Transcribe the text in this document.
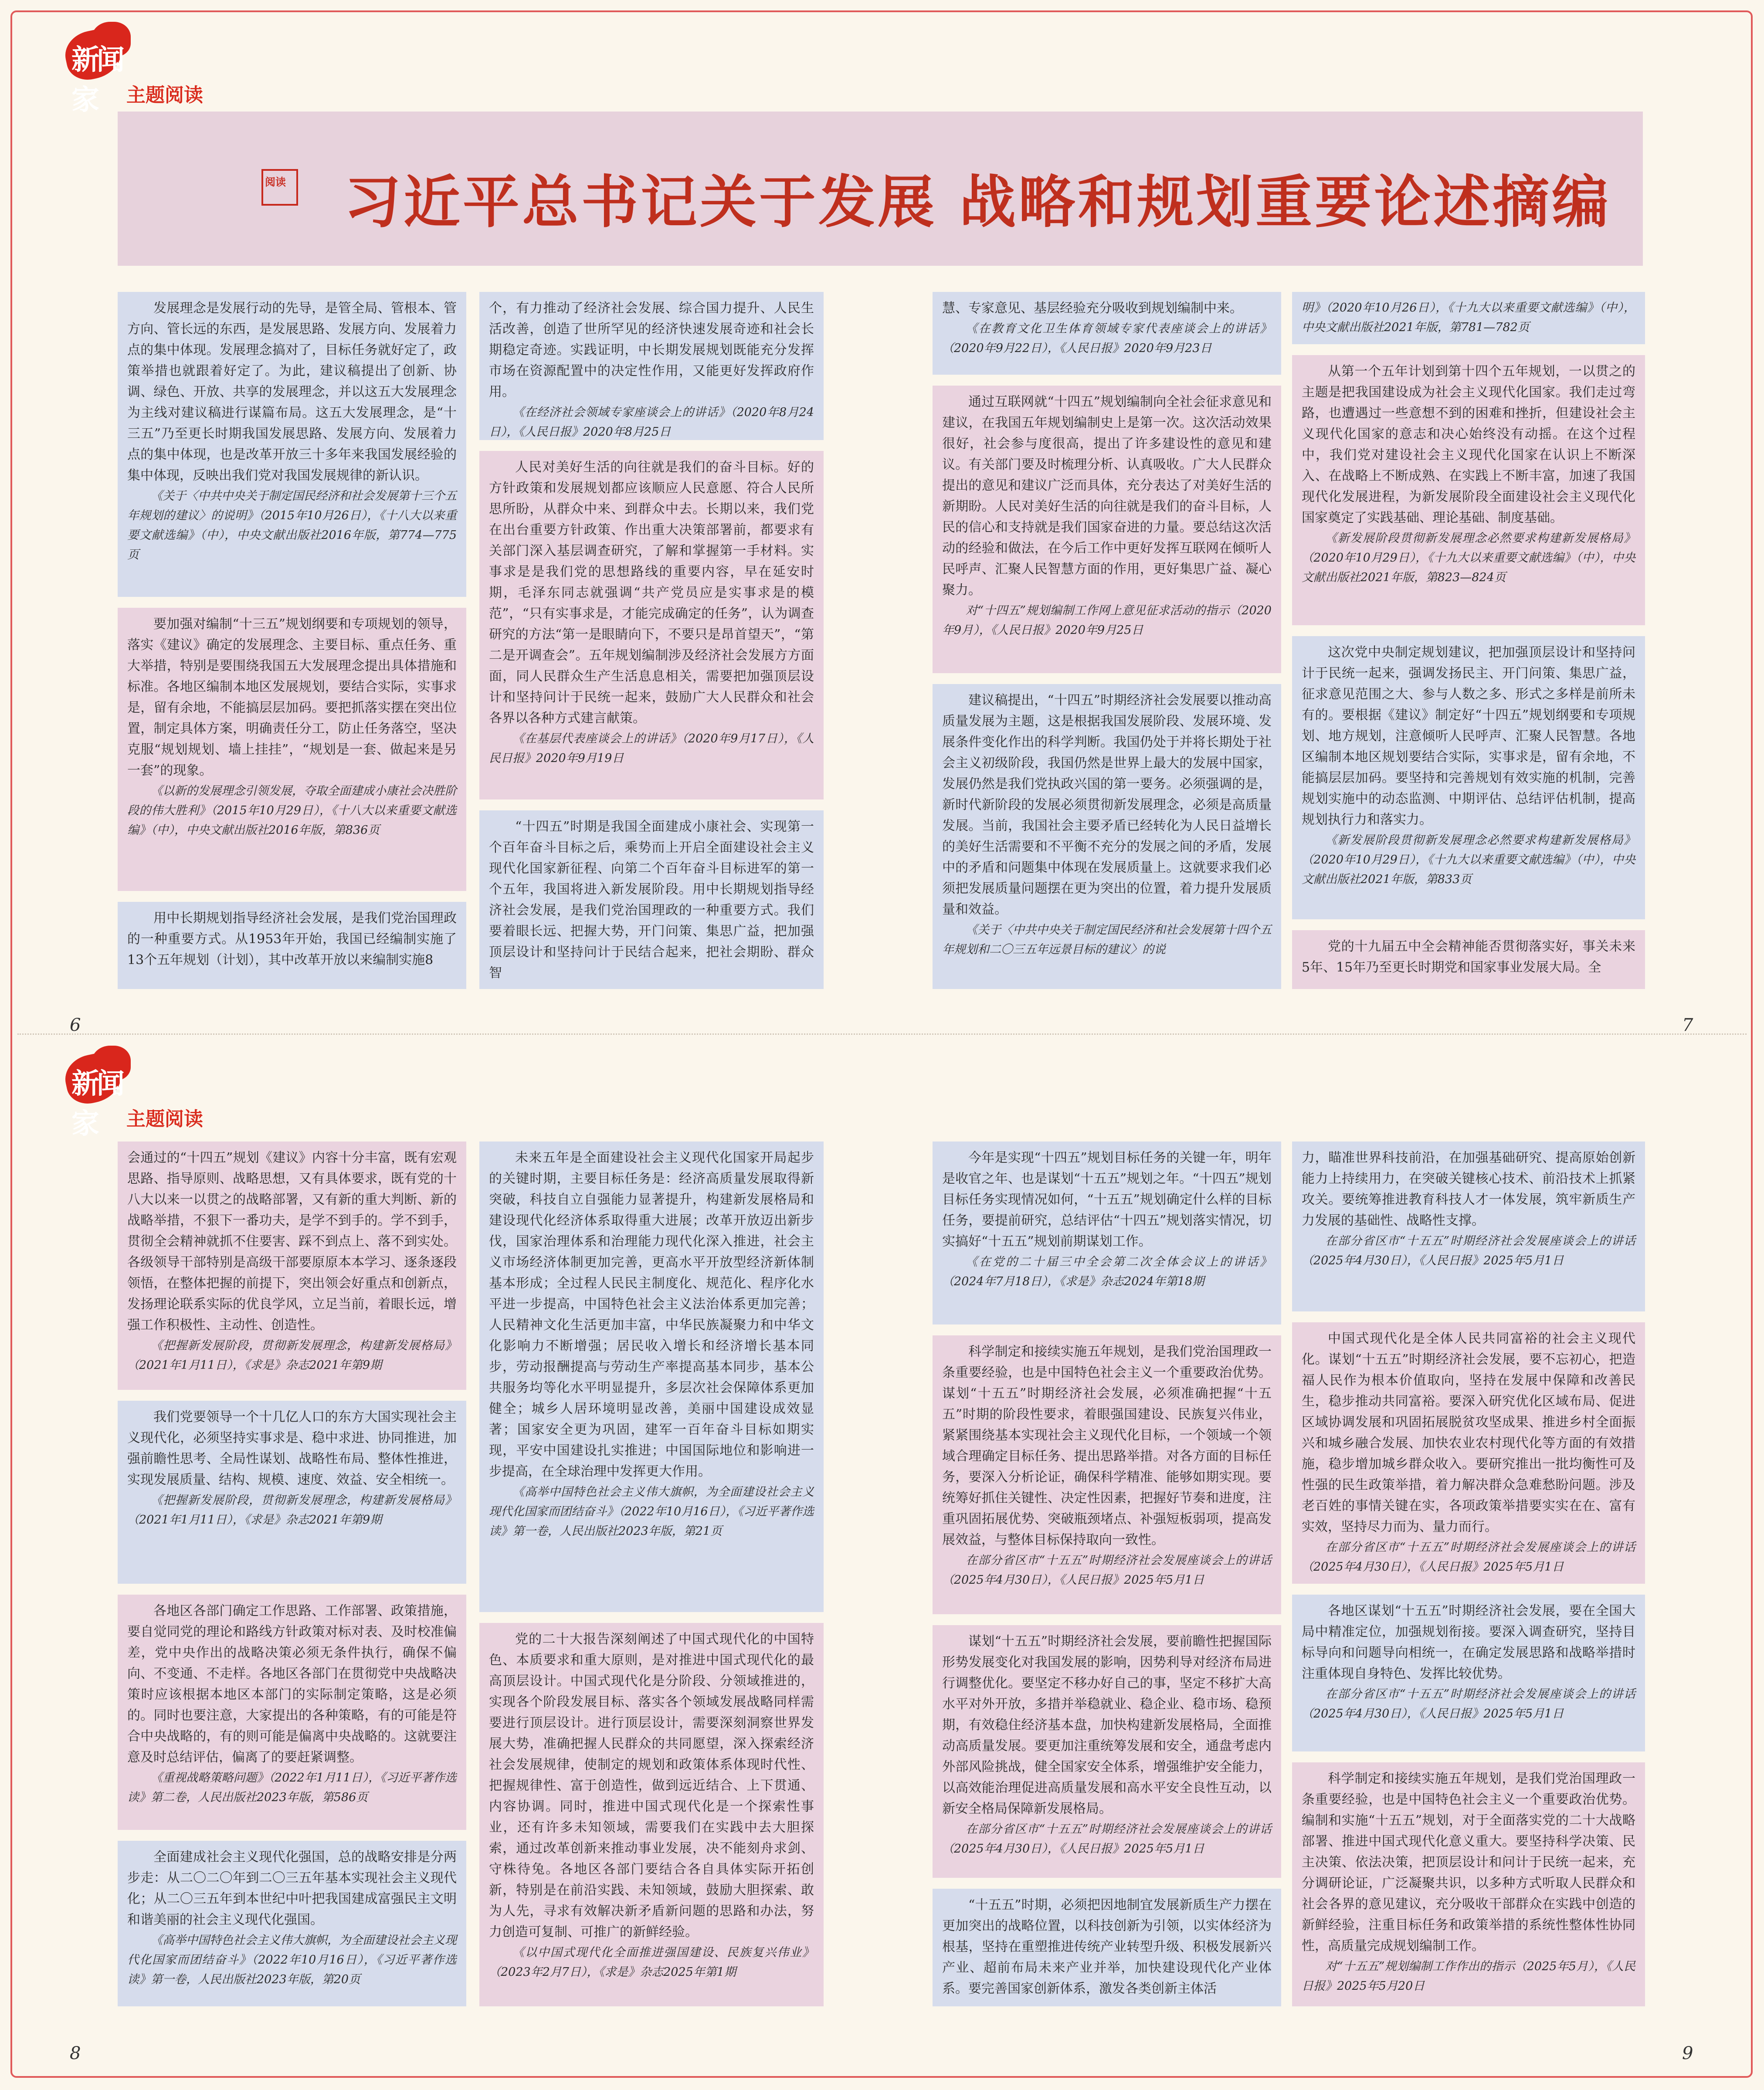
新闻家	主题阅读
阅读 习近平总书记关于发展 战略和规划重要论述摘编
新闻家	主题阅读

发展理念是发展行动的先导，是管全局、管根本、管方向、管长远的东西，是发展思路、发展方向、发展着力点的集中体现。发展理念搞对了，目标任务就好定了，政策举措也就跟着好定了。为此，建议稿提出了创新、协调、绿色、开放、共享的发展理念，并以这五大发展理念为主线对建议稿进行谋篇布局。这五大发展理念，是“十三五”乃至更长时期我国发展思路、发展方向、发展着力点的集中体现，也是改革开放三十多年来我国发展经验的集中体现，反映出我们党对我国发展规律的新认识。

《关于〈中共中央关于制定国民经济和社会发展第十三个五年规划的建议〉的说明》（2015年10月26日），《十八大以来重要文献选编》（中），中央文献出版社2016年版，第774—775页

要加强对编制“十三五”规划纲要和专项规划的领导，落实《建议》确定的发展理念、主要目标、重点任务、重大举措，特别是要围绕我国五大发展理念提出具体措施和标准。各地区编制本地区发展规划，要结合实际，实事求是，留有余地，不能搞层层加码。要把抓落实摆在突出位置，制定具体方案，明确责任分工，防止任务落空，坚决克服“规划规划、墙上挂挂”，“规划是一套、做起来是另一套”的现象。

《以新的发展理念引领发展，夺取全面建成小康社会决胜阶段的伟大胜利》（2015年10月29日），《十八大以来重要文献选编》（中），中央文献出版社2016年版，第836页

用中长期规划指导经济社会发展，是我们党治国理政的一种重要方式。从1953年开始，我国已经编制实施了13个五年规划（计划），其中改革开放以来编制实施8

个，有力推动了经济社会发展、综合国力提升、人民生活改善，创造了世所罕见的经济快速发展奇迹和社会长期稳定奇迹。实践证明，中长期发展规划既能充分发挥市场在资源配置中的决定性作用，又能更好发挥政府作用。

《在经济社会领域专家座谈会上的讲话》（2020年8月24日），《人民日报》2020年8月25日

人民对美好生活的向往就是我们的奋斗目标。好的方针政策和发展规划都应该顺应人民意愿、符合人民所思所盼，从群众中来、到群众中去。长期以来，我们党在出台重要方针政策、作出重大决策部署前，都要求有关部门深入基层调查研究，了解和掌握第一手材料。实事求是是我们党的思想路线的重要内容，早在延安时期，毛泽东同志就强调“共产党员应是实事求是的模范”，“只有实事求是，才能完成确定的任务”，认为调查研究的方法“第一是眼睛向下，不要只是昂首望天”，“第二是开调查会”。五年规划编制涉及经济社会发展方方面面，同人民群众生产生活息息相关，需要把加强顶层设计和坚持问计于民统一起来，鼓励广大人民群众和社会各界以各种方式建言献策。

《在基层代表座谈会上的讲话》（2020年9月17日），《人民日报》2020年9月19日

“十四五”时期是我国全面建成小康社会、实现第一个百年奋斗目标之后，乘势而上开启全面建设社会主义现代化国家新征程、向第二个百年奋斗目标进军的第一个五年，我国将进入新发展阶段。用中长期规划指导经济社会发展，是我们党治国理政的一种重要方式。我们要着眼长远、把握大势，开门问策、集思广益，把加强顶层设计和坚持问计于民结合起来，把社会期盼、群众智

6

慧、专家意见、基层经验充分吸收到规划编制中来。

《在教育文化卫生体育领域专家代表座谈会上的讲话》（2020年9月22日），《人民日报》2020年9月23日

通过互联网就“十四五”规划编制向全社会征求意见和建议，在我国五年规划编制史上是第一次。这次活动效果很好，社会参与度很高，提出了许多建设性的意见和建议。有关部门要及时梳理分析、认真吸收。广大人民群众提出的意见和建议广泛而具体，充分表达了对美好生活的新期盼。人民对美好生活的向往就是我们的奋斗目标，人民的信心和支持就是我们国家奋进的力量。要总结这次活动的经验和做法，在今后工作中更好发挥互联网在倾听人民呼声、汇聚人民智慧方面的作用，更好集思广益、凝心聚力。

对“十四五”规划编制工作网上意见征求活动的指示（2020年9月），《人民日报》2020年9月25日

建议稿提出，“十四五”时期经济社会发展要以推动高质量发展为主题，这是根据我国发展阶段、发展环境、发展条件变化作出的科学判断。我国仍处于并将长期处于社会主义初级阶段，我国仍然是世界上最大的发展中国家，发展仍然是我们党执政兴国的第一要务。必须强调的是，新时代新阶段的发展必须贯彻新发展理念，必须是高质量发展。当前，我国社会主要矛盾已经转化为人民日益增长的美好生活需要和不平衡不充分的发展之间的矛盾，发展中的矛盾和问题集中体现在发展质量上。这就要求我们必须把发展质量问题摆在更为突出的位置，着力提升发展质量和效益。

《关于〈中共中央关于制定国民经济和社会发展第十四个五年规划和二〇三五年远景目标的建议〉的说

明》（2020年10月26日），《十九大以来重要文献选编》（中），中央文献出版社2021年版，第781—782页

从第一个五年计划到第十四个五年规划，一以贯之的主题是把我国建设成为社会主义现代化国家。我们走过弯路，也遭遇过一些意想不到的困难和挫折，但建设社会主义现代化国家的意志和决心始终没有动摇。在这个过程中，我们党对建设社会主义现代化国家在认识上不断深入、在战略上不断成熟、在实践上不断丰富，加速了我国现代化发展进程，为新发展阶段全面建设社会主义现代化国家奠定了实践基础、理论基础、制度基础。

《新发展阶段贯彻新发展理念必然要求构建新发展格局》（2020年10月29日），《十九大以来重要文献选编》（中），中央文献出版社2021年版，第823—824页

这次党中央制定规划建议，把加强顶层设计和坚持问计于民统一起来，强调发扬民主、开门问策、集思广益，征求意见范围之大、参与人数之多、形式之多样是前所未有的。要根据《建议》制定好“十四五”规划纲要和专项规划、地方规划，注意倾听人民呼声、汇聚人民智慧。各地区编制本地区规划要结合实际，实事求是，留有余地，不能搞层层加码。要坚持和完善规划有效实施的机制，完善规划实施中的动态监测、中期评估、总结评估机制，提高规划执行力和落实力。

《新发展阶段贯彻新发展理念必然要求构建新发展格局》（2020年10月29日），《十九大以来重要文献选编》（中），中央文献出版社2021年版，第833页

党的十九届五中全会精神能否贯彻落实好，事关未来5年、15年乃至更长时期党和国家事业发展大局。全

7

会通过的“十四五”规划《建议》内容十分丰富，既有宏观思路、指导原则、战略思想，又有具体要求，既有党的十八大以来一以贯之的战略部署，又有新的重大判断、新的战略举措，不狠下一番功夫，是学不到手的。学不到手，贯彻全会精神就抓不住要害、踩不到点上、落不到实处。各级领导干部特别是高级干部要原原本本学习、逐条逐段领悟，在整体把握的前提下，突出领会好重点和创新点，发扬理论联系实际的优良学风，立足当前，着眼长远，增强工作积极性、主动性、创造性。

《把握新发展阶段，贯彻新发展理念，构建新发展格局》（2021年1月11日），《求是》杂志2021年第9期

我们党要领导一个十几亿人口的东方大国实现社会主义现代化，必须坚持实事求是、稳中求进、协同推进，加强前瞻性思考、全局性谋划、战略性布局、整体性推进，实现发展质量、结构、规模、速度、效益、安全相统一。

《把握新发展阶段，贯彻新发展理念，构建新发展格局》（2021年1月11日），《求是》杂志2021年第9期

各地区各部门确定工作思路、工作部署、政策措施，要自觉同党的理论和路线方针政策对标对表、及时校准偏差，党中央作出的战略决策必须无条件执行，确保不偏向、不变通、不走样。各地区各部门在贯彻党中央战略决策时应该根据本地区本部门的实际制定策略，这是必须的。同时也要注意，大家提出的各种策略，有的可能是符合中央战略的，有的则可能是偏离中央战略的。这就要注意及时总结评估，偏离了的要赶紧调整。

《重视战略策略问题》（2022年1月11日），《习近平著作选读》第二卷，人民出版社2023年版，第586页

全面建成社会主义现代化强国，总的战略安排是分两步走：从二〇二〇年到二〇三五年基本实现社会主义现代化；从二〇三五年到本世纪中叶把我国建成富强民主文明和谐美丽的社会主义现代化强国。

《高举中国特色社会主义伟大旗帜，为全面建设社会主义现代化国家而团结奋斗》（2022年10月16日），《习近平著作选读》第一卷，人民出版社2023年版，第20页

未来五年是全面建设社会主义现代化国家开局起步的关键时期，主要目标任务是：经济高质量发展取得新突破，科技自立自强能力显著提升，构建新发展格局和建设现代化经济体系取得重大进展；改革开放迈出新步伐，国家治理体系和治理能力现代化深入推进，社会主义市场经济体制更加完善，更高水平开放型经济新体制基本形成；全过程人民民主制度化、规范化、程序化水平进一步提高，中国特色社会主义法治体系更加完善；人民精神文化生活更加丰富，中华民族凝聚力和中华文化影响力不断增强；居民收入增长和经济增长基本同步，劳动报酬提高与劳动生产率提高基本同步，基本公共服务均等化水平明显提升，多层次社会保障体系更加健全；城乡人居环境明显改善，美丽中国建设成效显著；国家安全更为巩固，建军一百年奋斗目标如期实现，平安中国建设扎实推进；中国国际地位和影响进一步提高，在全球治理中发挥更大作用。

《高举中国特色社会主义伟大旗帜，为全面建设社会主义现代化国家而团结奋斗》（2022年10月16日），《习近平著作选读》第一卷，人民出版社2023年版，第21页

党的二十大报告深刻阐述了中国式现代化的中国特色、本质要求和重大原则，是对推进中国式现代化的最高顶层设计。中国式现代化是分阶段、分领域推进的，实现各个阶段发展目标、落实各个领域发展战略同样需要进行顶层设计。进行顶层设计，需要深刻洞察世界发展大势，准确把握人民群众的共同愿望，深入探索经济社会发展规律，使制定的规划和政策体系体现时代性、把握规律性、富于创造性，做到远近结合、上下贯通、内容协调。同时，推进中国式现代化是一个探索性事业，还有许多未知领域，需要我们在实践中去大胆探索，通过改革创新来推动事业发展，决不能刻舟求剑、守株待兔。各地区各部门要结合各自具体实际开拓创新，特别是在前沿实践、未知领域，鼓励大胆探索、敢为人先，寻求有效解决新矛盾新问题的思路和办法，努力创造可复制、可推广的新鲜经验。

《以中国式现代化全面推进强国建设、民族复兴伟业》（2023年2月7日），《求是》杂志2025年第1期

8

今年是实现“十四五”规划目标任务的关键一年，明年是收官之年、也是谋划“十五五”规划之年。“十四五”规划目标任务实现情况如何，“十五五”规划确定什么样的目标任务，要提前研究，总结评估“十四五”规划落实情况，切实搞好“十五五”规划前期谋划工作。

《在党的二十届三中全会第二次全体会议上的讲话》（2024年7月18日），《求是》杂志2024年第18期

科学制定和接续实施五年规划，是我们党治国理政一条重要经验，也是中国特色社会主义一个重要政治优势。谋划“十五五”时期经济社会发展，必须准确把握“十五五”时期的阶段性要求，着眼强国建设、民族复兴伟业，紧紧围绕基本实现社会主义现代化目标，一个领域一个领域合理确定目标任务、提出思路举措。对各方面的目标任务，要深入分析论证，确保科学精准、能够如期实现。要统筹好抓住关键性、决定性因素，把握好节奏和进度，注重巩固拓展优势、突破瓶颈堵点、补强短板弱项，提高发展效益，与整体目标保持取向一致性。

在部分省区市“十五五”时期经济社会发展座谈会上的讲话（2025年4月30日），《人民日报》2025年5月1日

谋划“十五五”时期经济社会发展，要前瞻性把握国际形势发展变化对我国发展的影响，因势利导对经济布局进行调整优化。要坚定不移办好自己的事，坚定不移扩大高水平对外开放，多措并举稳就业、稳企业、稳市场、稳预期，有效稳住经济基本盘，加快构建新发展格局，全面推动高质量发展。要更加注重统筹发展和安全，通盘考虑内外部风险挑战，健全国家安全体系，增强维护安全能力，以高效能治理促进高质量发展和高水平安全良性互动，以新安全格局保障新发展格局。

在部分省区市“十五五”时期经济社会发展座谈会上的讲话（2025年4月30日），《人民日报》2025年5月1日

“十五五”时期，必须把因地制宜发展新质生产力摆在更加突出的战略位置，以科技创新为引领，以实体经济为根基，坚持在重塑推进传统产业转型升级、积极发展新兴产业、超前布局未来产业并举，加快建设现代化产业体系。要完善国家创新体系，激发各类创新主体活

力，瞄准世界科技前沿，在加强基础研究、提高原始创新能力上持续用力，在突破关键核心技术、前沿技术上抓紧攻关。要统筹推进教育科技人才一体发展，筑牢新质生产力发展的基础性、战略性支撑。

在部分省区市“十五五”时期经济社会发展座谈会上的讲话（2025年4月30日），《人民日报》2025年5月1日

中国式现代化是全体人民共同富裕的社会主义现代化。谋划“十五五”时期经济社会发展，要不忘初心，把造福人民作为根本价值取向，坚持在发展中保障和改善民生，稳步推动共同富裕。要深入研究优化区域布局、促进区域协调发展和巩固拓展脱贫攻坚成果、推进乡村全面振兴和城乡融合发展、加快农业农村现代化等方面的有效措施，稳步增加城乡群众收入。要研究推出一批均衡性可及性强的民生政策举措，着力解决群众急难愁盼问题。涉及老百姓的事情关键在实，各项政策举措要实实在在、富有实效，坚持尽力而为、量力而行。

在部分省区市“十五五”时期经济社会发展座谈会上的讲话（2025年4月30日），《人民日报》2025年5月1日

各地区谋划“十五五”时期经济社会发展，要在全国大局中精准定位，加强规划衔接。要深入调查研究，坚持目标导向和问题导向相统一，在确定发展思路和战略举措时注重体现自身特色、发挥比较优势。

在部分省区市“十五五”时期经济社会发展座谈会上的讲话（2025年4月30日），《人民日报》2025年5月1日

科学制定和接续实施五年规划，是我们党治国理政一条重要经验，也是中国特色社会主义一个重要政治优势。编制和实施“十五五”规划，对于全面落实党的二十大战略部署、推进中国式现代化意义重大。要坚持科学决策、民主决策、依法决策，把顶层设计和问计于民统一起来，充分调研论证，广泛凝聚共识，以多种方式听取人民群众和社会各界的意见建议，充分吸收干部群众在实践中创造的新鲜经验，注重目标任务和政策举措的系统性整体性协同性，高质量完成规划编制工作。

对“十五五”规划编制工作作出的指示（2025年5月），《人民日报》2025年5月20日

9
